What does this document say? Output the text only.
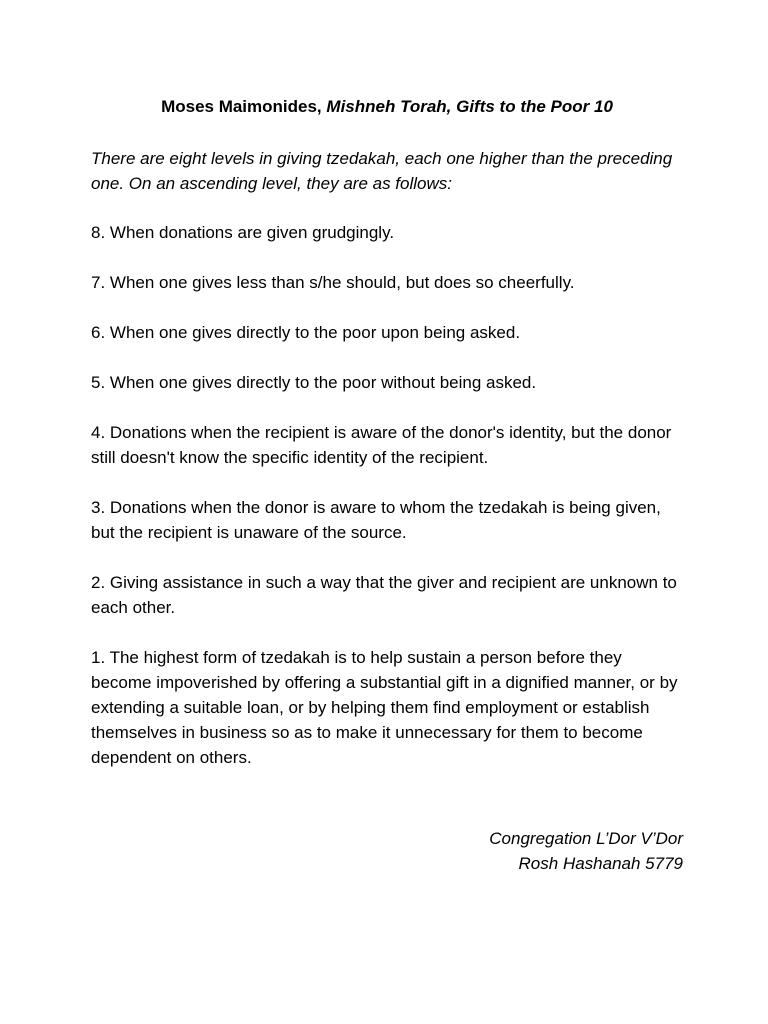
Moses Maimonides, Mishneh Torah, Gifts to the Poor 10

There are eight levels in giving tzedakah, each one higher than the preceding one. On an ascending level, they are as follows:

8. When donations are given grudgingly.
7. When one gives less than s/he should, but does so cheerfully.
6. When one gives directly to the poor upon being asked.
5. When one gives directly to the poor without being asked.
4. Donations when the recipient is aware of the donor's identity, but the donor still doesn't know the specific identity of the recipient.
3. Donations when the donor is aware to whom the tzedakah is being given, but the recipient is unaware of the source.
2. Giving assistance in such a way that the giver and recipient are unknown to each other.
1. The highest form of tzedakah is to help sustain a person before they become impoverished by offering a substantial gift in a dignified manner, or by extending a suitable loan, or by helping them find employment or establish themselves in business so as to make it unnecessary for them to become dependent on others.
Congregation L’Dor V’Dor
Rosh Hashanah 5779
